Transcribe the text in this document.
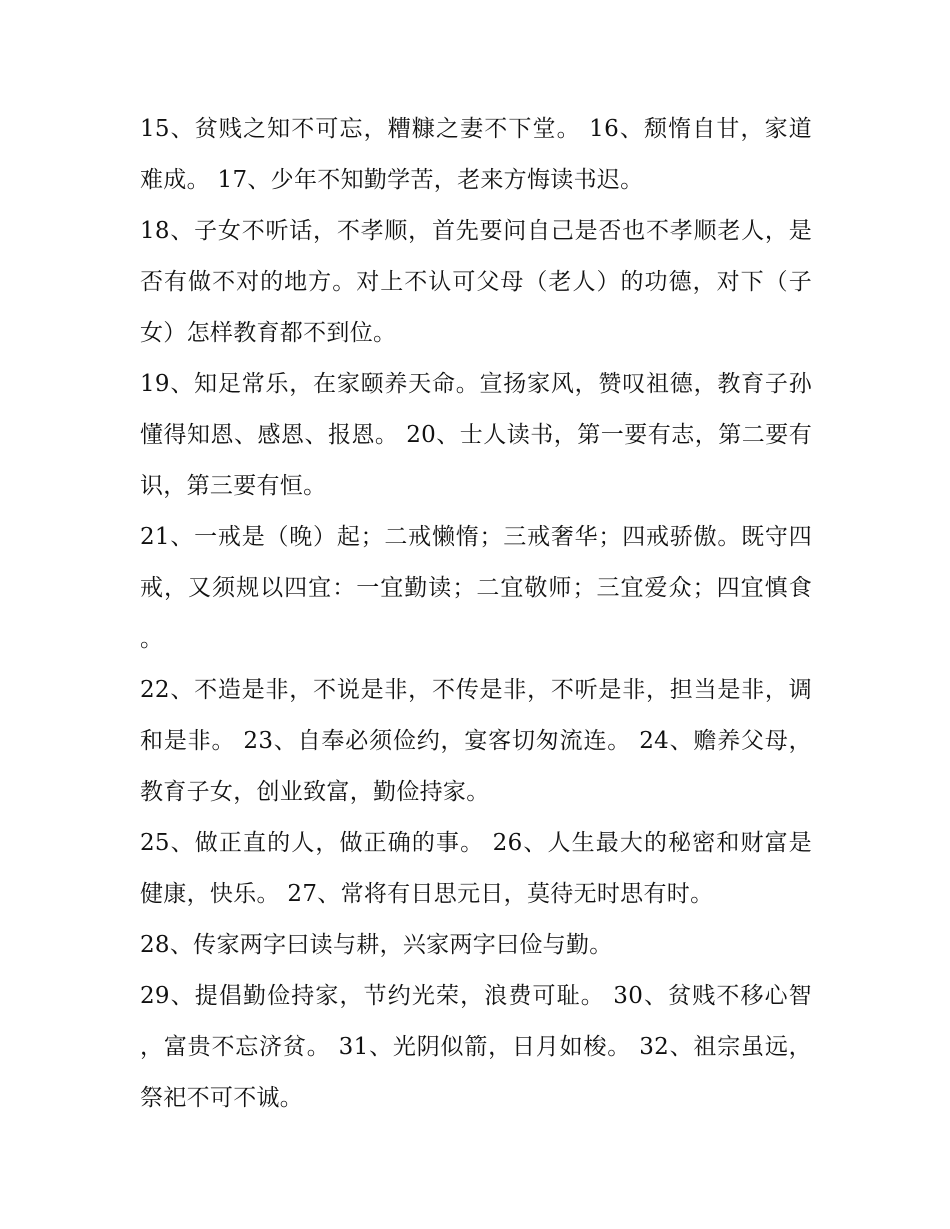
15、贫贱之知不可忘，糟糠之妻不下堂。 16、颓惰自甘，家道难成。 17、少年不知勤学苦，老来方悔读书迟。

18、子女不听话，不孝顺，首先要问自己是否也不孝顺老人，是否有做不对的地方。对上不认可父母（老人）的功德，对下（子女）怎样教育都不到位。

19、知足常乐，在家颐养天命。宣扬家风，赞叹祖德，教育子孙懂得知恩、感恩、报恩。 20、士人读书，第一要有志，第二要有识，第三要有恒。

21、一戒是（晚）起；二戒懒惰；三戒奢华；四戒骄傲。既守四戒，又须规以四宜：一宜勤读；二宜敬师；三宜爱众；四宜慎食。

22、不造是非，不说是非，不传是非，不听是非，担当是非，调和是非。 23、自奉必须俭约，宴客切匆流连。 24、赡养父母，教育子女，创业致富，勤俭持家。

25、做正直的人，做正确的事。 26、人生最大的秘密和财富是健康，快乐。 27、常将有日思元日，莫待无时思有时。

28、传家两字曰读与耕，兴家两字曰俭与勤。

29、提倡勤俭持家，节约光荣，浪费可耻。 30、贫贱不移心智，富贵不忘济贫。 31、光阴似箭，日月如梭。 32、祖宗虽远，祭祀不可不诚。
